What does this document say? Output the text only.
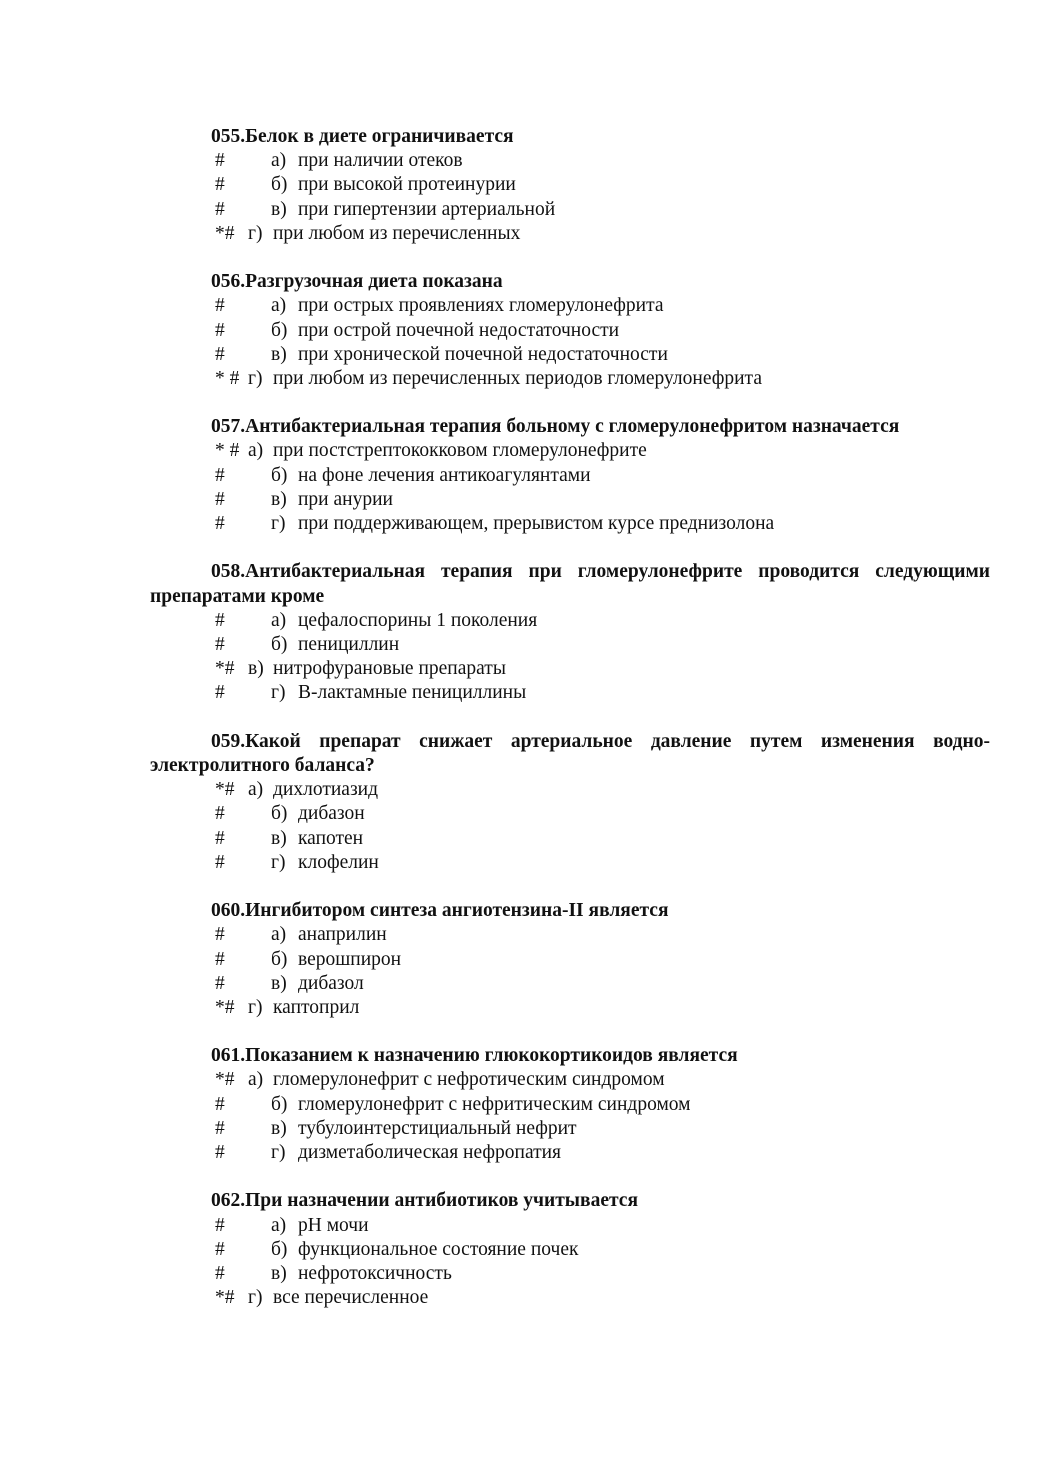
055.Белок в диете ограничивается
# а) при наличии отеков
# б) при высокой протеинурии
# в) при гипертензии артериальной
*# г) при любом из перечисленных
056.Разгрузочная диета показана
# а) при острых проявлениях гломерулонефрита
# б) при острой почечной недостаточности
# в) при хронической почечной недостаточности
* # г) при любом из перечисленных периодов гломерулонефрита
057.Антибактериальная терапия больному с гломерулонефритом назначается
* # а) при постстрептококковом гломерулонефрите
# б) на фоне лечения антикоагулянтами
# в) при анурии
# г) при поддерживающем, прерывистом курсе преднизолона
058.Антибактериальная терапия при гломерулонефрите проводится следующими препаратами кроме
# а) цефалоспорины 1 поколения
# б) пенициллин
*# в) нитрофурановые препараты
# г) B-лактамные пенициллины
059.Какой препарат снижает артериальное давление путем изменения водно-электролитного баланса?
*# а) дихлотиазид
# б) дибазон
# в) капотен
# г) клофелин
060.Ингибитором синтеза ангиотензина-II является
# а) анаприлин
# б) верошпирон
# в) дибазол
*# г) каптоприл
061.Показанием к назначению глюкокортикоидов является
*# а) гломерулонефрит с нефротическим синдромом
# б) гломерулонефрит с нефритическим синдромом
# в) тубулоинтерстициальный нефрит
# г) дизметаболическая нефропатия
062.При назначении антибиотиков учитывается
# а) pH мочи
# б) функциональное состояние почек
# в) нефротоксичность
*# г) все перечисленное
